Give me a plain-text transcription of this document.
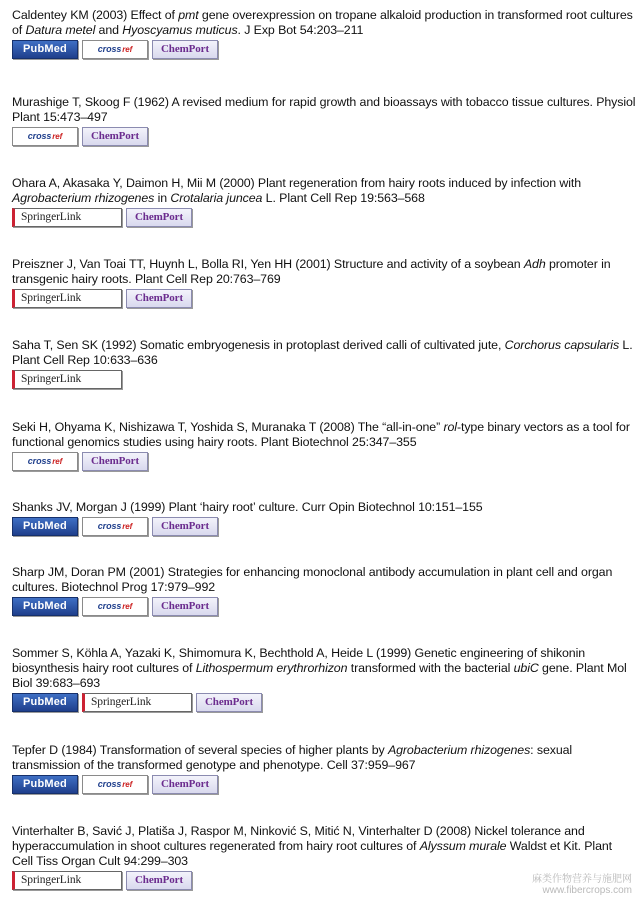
Caldentey KM (2003) Effect of pmt gene overexpression on tropane alkaloid production in transformed root cultures of Datura metel and Hyoscyamus muticus. J Exp Bot 54:203–211
PubMed	cross ref	ChemPort
Murashige T, Skoog F (1962) A revised medium for rapid growth and bioassays with tobacco tissue cultures. Physiol Plant 15:473–497
cross ref	ChemPort
Ohara A, Akasaka Y, Daimon H, Mii M (2000) Plant regeneration from hairy roots induced by infection with Agrobacterium rhizogenes in Crotalaria juncea L. Plant Cell Rep 19:563–568
SpringerLink	ChemPort
Preiszner J, Van Toai TT, Huynh L, Bolla RI, Yen HH (2001) Structure and activity of a soybean Adh promoter in transgenic hairy roots. Plant Cell Rep 20:763–769
SpringerLink	ChemPort
Saha T, Sen SK (1992) Somatic embryogenesis in protoplast derived calli of cultivated jute, Corchorus capsularis L. Plant Cell Rep 10:633–636
SpringerLink
Seki H, Ohyama K, Nishizawa T, Yoshida S, Muranaka T (2008) The “all-in-one” rol-type binary vectors as a tool for functional genomics studies using hairy roots. Plant Biotechnol 25:347–355
cross ref	ChemPort
Shanks JV, Morgan J (1999) Plant ‘hairy root’ culture. Curr Opin Biotechnol 10:151–155
PubMed	cross ref	ChemPort
Sharp JM, Doran PM (2001) Strategies for enhancing monoclonal antibody accumulation in plant cell and organ cultures. Biotechnol Prog 17:979–992
PubMed	cross ref	ChemPort
Sommer S, Köhla A, Yazaki K, Shimomura K, Bechthold A, Heide L (1999) Genetic engineering of shikonin biosynthesis hairy root cultures of Lithospermum erythrorhizon transformed with the bacterial ubiC gene. Plant Mol Biol 39:683–693
PubMed SpringerLink	ChemPort
Tepfer D (1984) Transformation of several species of higher plants by Agrobacterium rhizogenes: sexual transmission of the transformed genotype and phenotype. Cell 37:959–967
PubMed	cross ref	ChemPort
Vinterhalter B, Savić J, Platiša J, Raspor M, Ninković S, Mitić N, Vinterhalter D (2008) Nickel tolerance and hyperaccumulation in shoot cultures regenerated from hairy root cultures of Alyssum murale Waldst et Kit. Plant Cell Tiss Organ Cult 94:299–303
SpringerLink	ChemPort	麻类作物营养与施肥网
www.fibercrops.com
